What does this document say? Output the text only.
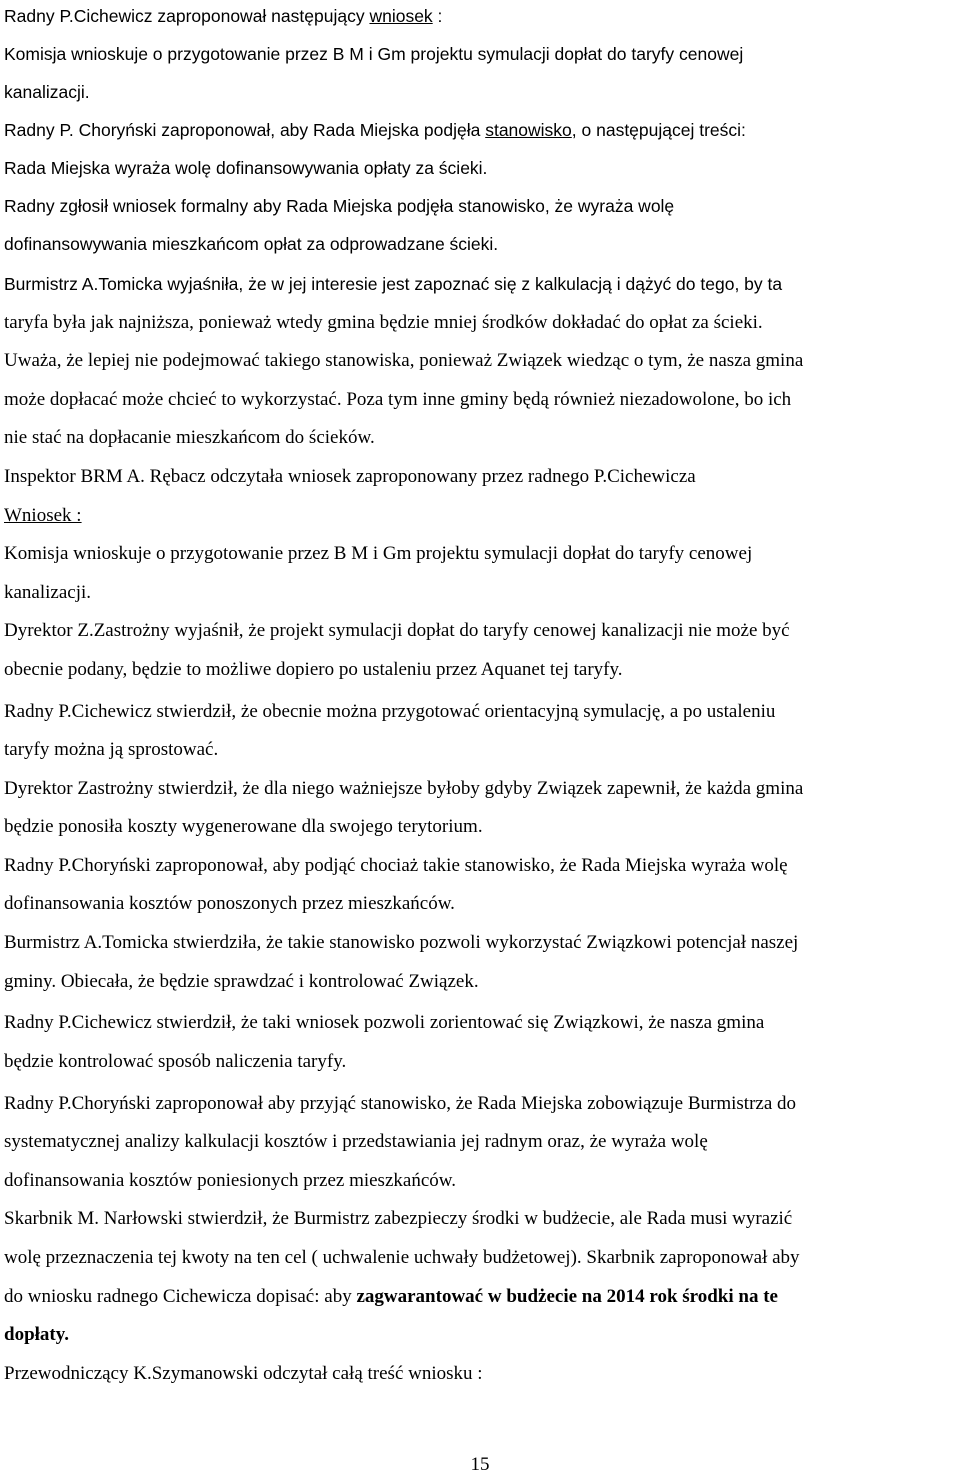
Radny P.Cichewicz zaproponował następujący wniosek :
Komisja wnioskuje o przygotowanie przez B M i Gm projektu symulacji dopłat do taryfy cenowej
kanalizacji.
Radny P. Choryński zaproponował, aby Rada Miejska podjęła stanowisko, o następującej treści:
Rada Miejska wyraża wolę dofinansowywania opłaty za ścieki.
Radny zgłosił wniosek formalny aby Rada Miejska podjęła stanowisko, że wyraża wolę
dofinansowywania mieszkańcom opłat za odprowadzane ścieki.
Burmistrz A.Tomicka wyjaśniła, że w jej interesie jest zapoznać się z kalkulacją i dążyć do tego, by ta
taryfa była jak najniższa, ponieważ wtedy gmina będzie mniej środków dokładać do opłat za ścieki.
Uważa, że lepiej nie podejmować takiego stanowiska, ponieważ Związek wiedząc o tym, że nasza gmina
może dopłacać może chcieć to wykorzystać. Poza tym inne gminy będą również niezadowolone, bo ich
nie stać na dopłacanie mieszkańcom do ścieków.
Inspektor BRM A. Rębacz odczytała wniosek zaproponowany przez radnego P.Cichewicza
Wniosek :
Komisja wnioskuje o przygotowanie przez B M i Gm projektu symulacji dopłat do taryfy cenowej
kanalizacji.
Dyrektor Z.Zastrożny wyjaśnił, że projekt symulacji dopłat do taryfy cenowej kanalizacji nie może być
obecnie podany, będzie to możliwe dopiero po ustaleniu przez Aquanet tej taryfy.
Radny P.Cichewicz stwierdził, że obecnie można przygotować orientacyjną symulację, a po ustaleniu
taryfy można ją sprostować.
Dyrektor Zastrożny stwierdził, że dla niego ważniejsze byłoby gdyby Związek zapewnił, że każda gmina
będzie ponosiła koszty wygenerowane dla swojego terytorium.
Radny P.Choryński zaproponował, aby podjąć chociaż takie stanowisko, że Rada Miejska wyraża wolę
dofinansowania kosztów ponoszonych przez mieszkańców.
Burmistrz A.Tomicka stwierdziła, że takie stanowisko pozwoli wykorzystać Związkowi potencjał naszej
gminy. Obiecała, że będzie sprawdzać i kontrolować Związek.
Radny P.Cichewicz stwierdził, że taki wniosek pozwoli zorientować się Związkowi, że nasza gmina
będzie kontrolować sposób naliczenia taryfy.
Radny P.Choryński zaproponował aby przyjąć stanowisko, że Rada Miejska zobowiązuje Burmistrza do
systematycznej analizy kalkulacji kosztów i przedstawiania jej radnym oraz, że wyraża wolę
dofinansowania kosztów poniesionych przez mieszkańców.
Skarbnik M. Narłowski stwierdził, że Burmistrz zabezpieczy środki w budżecie, ale Rada musi wyrazić
wolę przeznaczenia tej kwoty na ten cel ( uchwalenie uchwały budżetowej). Skarbnik zaproponował aby
do wniosku radnego Cichewicza dopisać: aby zagwarantować w budżecie na 2014 rok środki na te
dopłaty.
Przewodniczący K.Szymanowski odczytał całą treść wniosku :
15
